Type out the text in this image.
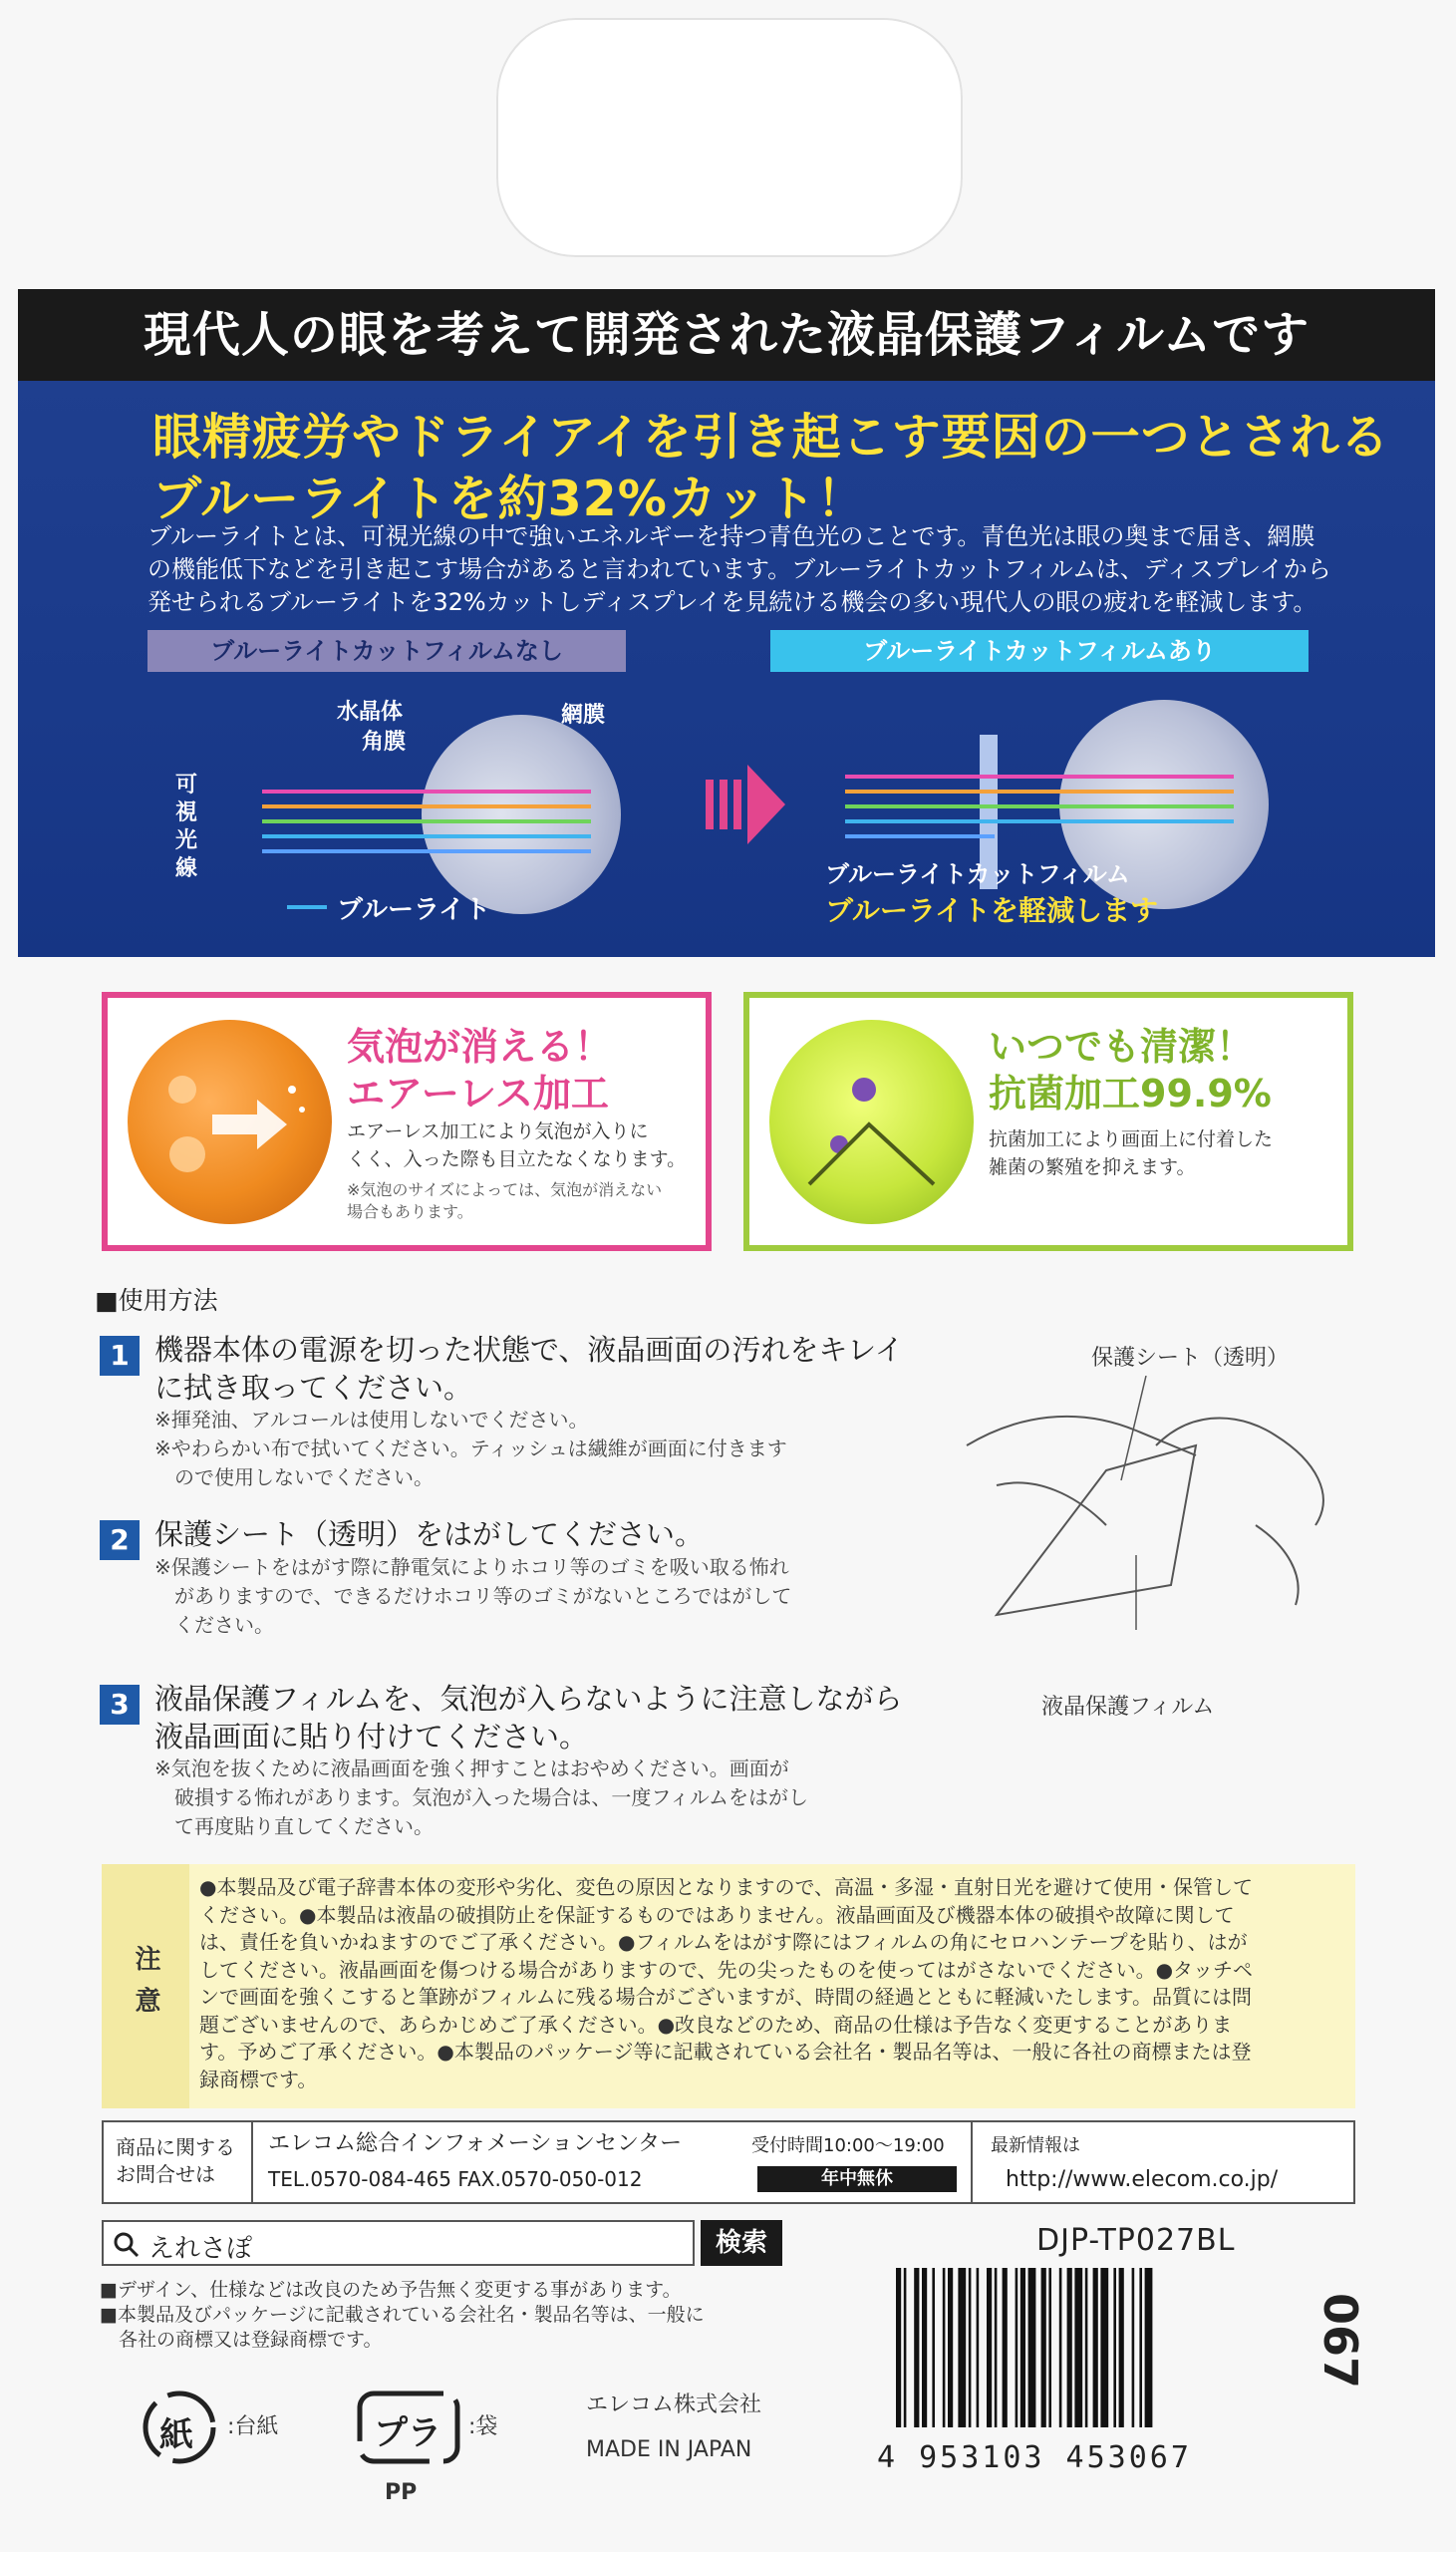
現代人の眼を考えて開発された液晶保護フィルムです
眼精疲労やドライアイを引き起こす要因の一つとされる
ブルーライトを約32%カット！
ブルーライトとは、可視光線の中で強いエネルギーを持つ青色光のことです。青色光は眼の奥まで届き、網膜
の機能低下などを引き起こす場合があると言われています。ブルーライトカットフィルムは、ディスプレイから
発せられるブルーライトを32%カットしディスプレイを見続ける機会の多い現代人の眼の疲れを軽減します。
ブルーライトカットフィルムなし	ブルーライトカットフィルムあり
水晶体
角膜
網膜
可視
光線
ブルーライト
ブルーライトカットフィルム
ブルーライトを軽減します
気泡が消える！
エアーレス加工
エアーレス加工により気泡が入りに
くく、入った際も目立たなくなります。
※気泡のサイズによっては、気泡が消えない
場合もあります。
いつでも清潔！
抗菌加工99.9%
抗菌加工により画面上に付着した
雑菌の繁殖を抑えます。
■使用方法
1 機器本体の電源を切った状態で、液晶画面の汚れをキレイ
に拭き取ってください。
※揮発油、アルコールは使用しないでください。
※やわらかい布で拭いてください。ティッシュは繊維が画面に付きます
　ので使用しないでください。
2 保護シート（透明）をはがしてください。
※保護シートをはがす際に静電気によりホコリ等のゴミを吸い取る怖れ
　がありますので、できるだけホコリ等のゴミがないところではがして
　ください。
3 液晶保護フィルムを、気泡が入らないように注意しながら
液晶画面に貼り付けてください。
※気泡を抜くために液晶画面を強く押すことはおやめください。画面が
　破損する怖れがあります。気泡が入った場合は、一度フィルムをはがし
　て再度貼り直してください。
保護シート（透明）
液晶保護フィルム
注意
●本製品及び電子辞書本体の変形や劣化、変色の原因となりますので、高温・多湿・直射日光を避けて使用・保管して
ください。●本製品は液晶の破損防止を保証するものではありません。液晶画面及び機器本体の破損や故障に関して
は、責任を負いかねますのでご了承ください。●フィルムをはがす際にはフィルムの角にセロハンテープを貼り、はが
してください。液晶画面を傷つける場合がありますので、先の尖ったものを使ってはがさないでください。●タッチペ
ンで画面を強くこすると筆跡がフィルムに残る場合がございますが、時間の経過とともに軽減いたします。品質には問
題ございませんので、あらかじめご了承ください。●改良などのため、商品の仕様は予告なく変更することがありま
す。予めご了承ください。●本製品のパッケージ等に記載されている会社名・製品名等は、一般に各社の商標または登
録商標です。
商品に関する
お問合せは
エレコム総合インフォメーションセンター	受付時間10:00〜19:00
TEL.0570-084-465 FAX.0570-050-012	年中無休
最新情報は
http://www.elecom.co.jp/
えれさぽ	検索	DJP-TP027BL
■デザイン、仕様などは改良のため予告無く変更する事があります。
■本製品及びパッケージに記載されている会社名・製品名等は、一般に
　各社の商標又は登録商標です。
紙 :台紙	プラ :袋
PP
エレコム株式会社
MADE IN JAPAN	4 953103 453067
067
